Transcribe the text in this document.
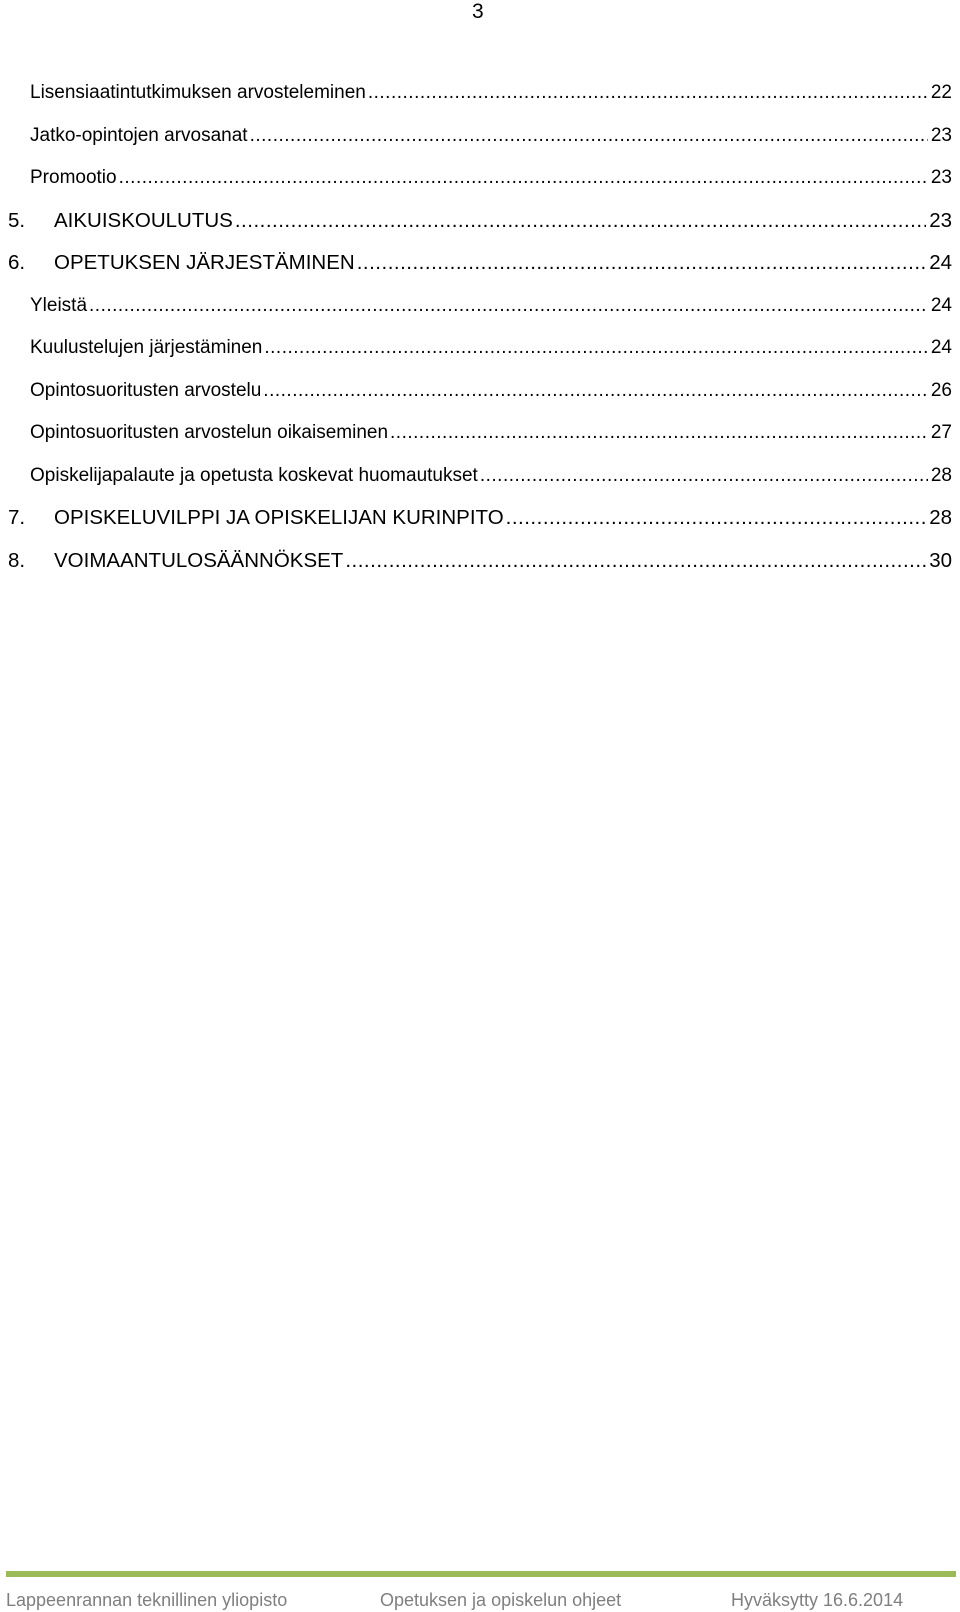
3
Lisensiaatintutkimuksen arvosteleminen .....	22
Jatko-opintojen arvosanat .....	23
Promootio .....	23
5.	AIKUISKOULUTUS .....	23
6.	OPETUKSEN JÄRJESTÄMINEN .....	24
Yleistä .....	24
Kuulustelujen järjestäminen .....	24
Opintosuoritusten arvostelu .....	26
Opintosuoritusten arvostelun oikaiseminen .....	27
Opiskelijapalaute ja opetusta koskevat huomautukset .....	28
7.	OPISKELUVILPPI JA OPISKELIJAN KURINPITO .....	28
8.	VOIMAANTULOSÄÄNNÖKSET .....	30
Lappeenrannan teknillinen yliopisto	Opetuksen ja opiskelun ohjeet	Hyväksytty 16.6.2014
